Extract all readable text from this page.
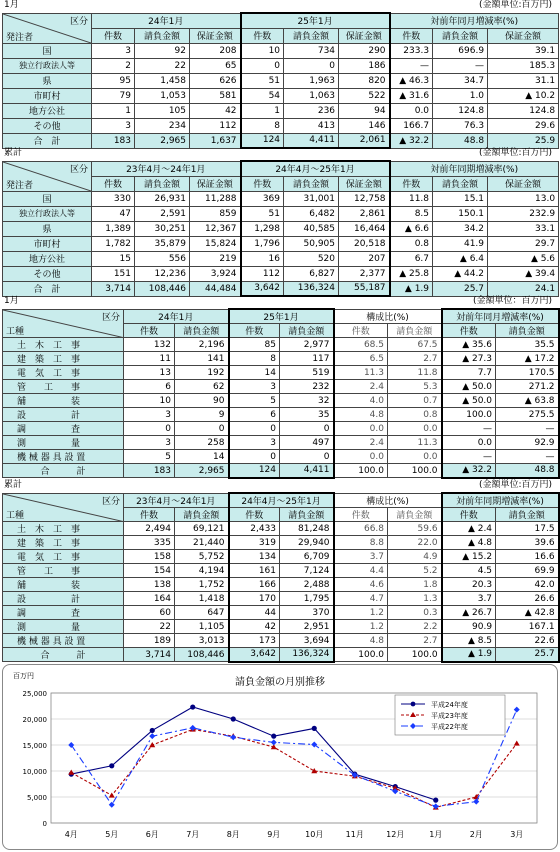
1月	(金額単位:百万円)
区分
発注者	24年1月			25年1月			対前年同月増減率(%)		
	件数	請負金額	保証金額	件数	請負金額	保証金額	件数	請負金額	保証金額
国	3	92	208	10	734	290	233.3	696.9	39.1
独立行政法人等	2	22	65	0	0	186	—	—	185.3
県	95	1,458	626	51	1,963	820	▲ 46.3	34.7	31.1
市町村	79	1,053	581	54	1,063	522	▲ 31.6	1.0	▲ 10.2
地方公社	1	105	42	1	236	94	0.0	124.8	124.8
その他	3	234	112	8	413	146	166.7	76.3	29.6
合　計	183	2,965	1,637	124	4,411	2,061	▲ 32.2	48.8	25.9
累計	(金額単位:百万円)
区分
発注者	23年4月～24年1月			24年4月～25年1月			対前年同期増減率(%)		
	件数	請負金額	保証金額	件数	請負金額	保証金額	件数	請負金額	保証金額
国	330	26,931	11,288	369	31,001	12,758	11.8	15.1	13.0
独立行政法人等	47	2,591	859	51	6,482	2,861	8.5	150.1	232.9
県	1,389	30,251	12,367	1,298	40,585	16,464	▲ 6.6	34.2	33.1
市町村	1,782	35,879	15,824	1,796	50,905	20,518	0.8	41.9	29.7
地方公社	15	556	219	16	520	207	6.7	▲ 6.4	▲ 5.6
その他	151	12,236	3,924	112	6,827	2,377	▲ 25.8	▲ 44.2	▲ 39.4
合　計	3,714	108,446	44,484	3,642	136,324	55,187	▲ 1.9	25.7	24.1
1月	(金額単位：百万円)
区分
工種	24年1月		25年1月		構成比(%)		対前年同月増減率(%)	
	件数	請負金額	件数	請負金額	件数	請負金額	件数	請負金額
土　木　工　事	132	2,196	85	2,977	68.5	67.5	▲ 35.6	35.5
建　築　工　事	11	141	8	117	6.5	2.7	▲ 27.3	▲ 17.2
電　気　工　事	13	192	14	519	11.3	11.8	7.7	170.5
管　　工　　事	6	62	3	232	2.4	5.3	▲ 50.0	271.2
舗　　　　　装	10	90	5	32	4.0	0.7	▲ 50.0	▲ 63.8
設　　　　　計	3	9	6	35	4.8	0.8	100.0	275.5
調　　　　　査	0	0	0	0	0.0	0.0	—	—
測　　　　　量	3	258	3	497	2.4	11.3	0.0	92.9
機 械 器 具 設 置	5	14	0	0	0.0	0.0	—	—
合　　　計	183	2,965	124	4,411	100.0	100.0	▲ 32.2	48.8
累計	(金額単位:百万円)
区分
工種	23年4月～24年1月		24年4月～25年1月		構成比(%)		対前年同期増減率(%)	
	件数	請負金額	件数	請負金額	件数	請負金額	件数	請負金額
土　木　工　事	2,494	69,121	2,433	81,248	66.8	59.6	▲ 2.4	17.5
建　築　工　事	335	21,440	319	29,940	8.8	22.0	▲ 4.8	39.6
電　気　工　事	158	5,752	134	6,709	3.7	4.9	▲ 15.2	16.6
管　　工　　事	154	4,194	161	7,124	4.4	5.2	4.5	69.9
舗　　　　　装	138	1,752	166	2,488	4.6	1.8	20.3	42.0
設　　　　　計	164	1,418	170	1,795	4.7	1.3	3.7	26.6
調　　　　　査	60	647	44	370	1.2	0.3	▲ 26.7	▲ 42.8
測　　　　　量	22	1,105	42	2,951	1.2	2.2	90.9	167.1
機 械 器 具 設 置	189	3,013	173	3,694	4.8	2.7	▲ 8.5	22.6
合　　　計	3,714	108,446	3,642	136,324	100.0	100.0	▲ 1.9	25.7
0
5,000
10,000
15,000
20,000
25,000
4月	5月	6月	7月	8月	9月	10月	11月	12月	1月	2月	3月
平成24年度
平成23年度
平成22年度
請負金額の月別推移
百万円
